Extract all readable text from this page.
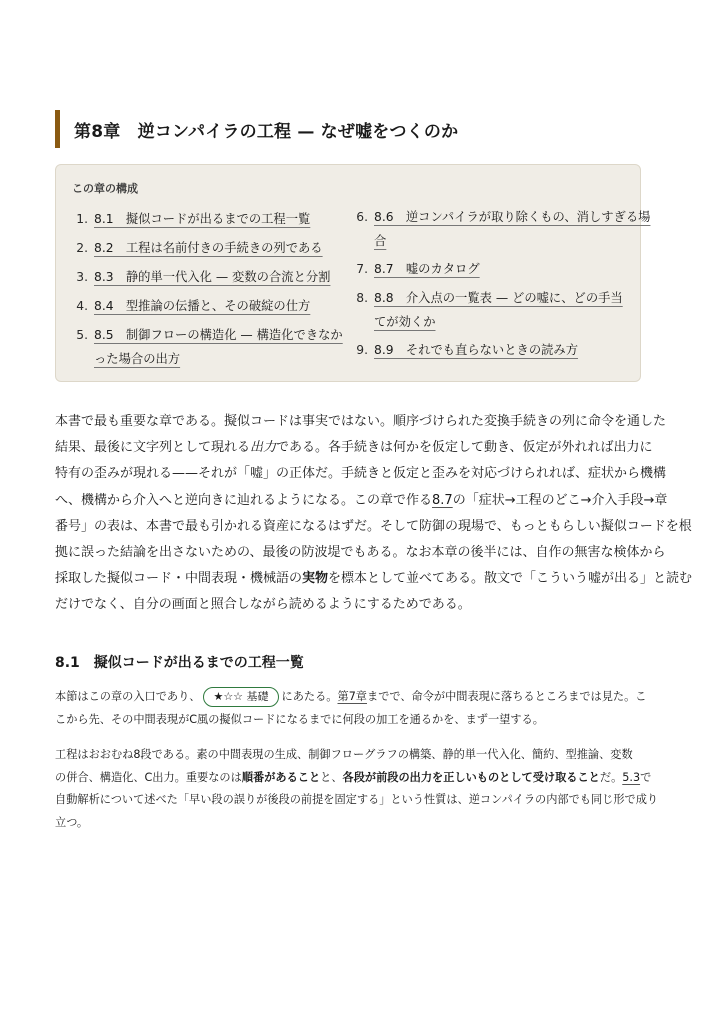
第8章　逆コンパイラの工程 — なぜ嘘をつくのか
この章の構成
1. 8.1　擬似コードが出るまでの工程一覧
2. 8.2　工程は名前付きの手続きの列である
3. 8.3　静的単一代入化 — 変数の合流と分割
4. 8.4　型推論の伝播と、その破綻の仕方
5. 8.5　制御フローの構造化 — 構造化できなか
った場合の出方
6. 8.6　逆コンパイラが取り除くもの、消しすぎる場
合
7. 8.7　嘘のカタログ
8. 8.8　介入点の一覧表 — どの嘘に、どの手当
てが効くか
9. 8.9　それでも直らないときの読み方
本書で最も重要な章である。擬似コードは事実ではない。順序づけられた変換手続きの列に命令を通した
結果、最後に文字列として現れる出力である。各手続きは何かを仮定して動き、仮定が外れれば出力に
特有の歪みが現れる——それが「嘘」の正体だ。手続きと仮定と歪みを対応づけられれば、症状から機構
へ、機構から介入へと逆向きに辿れるようになる。この章で作る8.7の「症状→工程のどこ→介入手段→章
番号」の表は、本書で最も引かれる資産になるはずだ。そして防御の現場で、もっともらしい擬似コードを根
拠に誤った結論を出さないための、最後の防波堤でもある。なお本章の後半には、自作の無害な検体から
採取した擬似コード・中間表現・機械語の実物を標本として並べてある。散文で「こういう嘘が出る」と読む
だけでなく、自分の画面と照合しながら読めるようにするためである。
8.1　擬似コードが出るまでの工程一覧
本節はこの章の入口であり、 ★☆☆ 基礎 にあたる。第7章までで、命令が中間表現に落ちるところまでは見た。こ
こから先、その中間表現がC風の擬似コードになるまでに何段の加工を通るかを、まず一望する。
工程はおおむね8段である。素の中間表現の生成、制御フローグラフの構築、静的単一代入化、簡約、型推論、変数
の併合、構造化、C出力。重要なのは順番があることと、各段が前段の出力を正しいものとして受け取ることだ。5.3で
自動解析について述べた「早い段の誤りが後段の前提を固定する」という性質は、逆コンパイラの内部でも同じ形で成り
立つ。
